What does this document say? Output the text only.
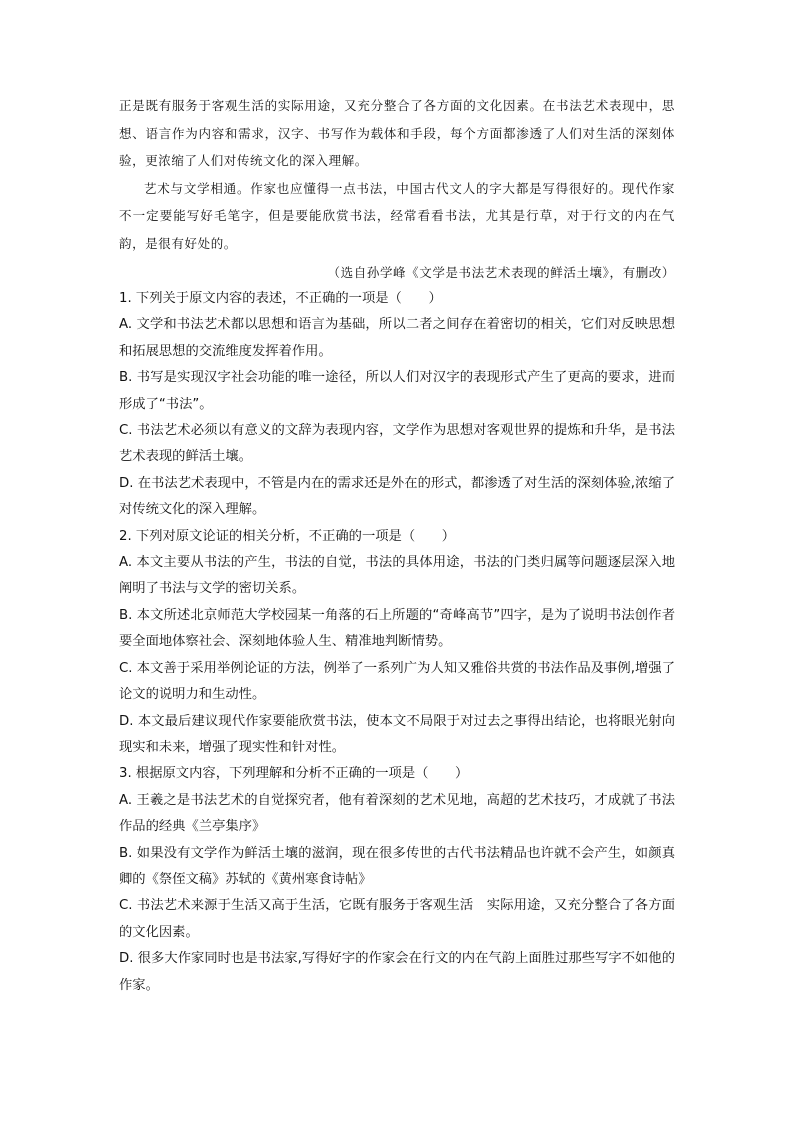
正是既有服务于客观生活的实际用途，又充分整合了各方面的文化因素。在书法艺术表现中，思想、语言作为内容和需求，汉字、书写作为载体和手段，每个方面都渗透了人们对生活的深刻体验，更浓缩了人们对传统文化的深入理解。

艺术与文学相通。作家也应懂得一点书法，中国古代文人的字大都是写得很好的。现代作家不一定要能写好毛笔字，但是要能欣赏书法，经常看看书法，尤其是行草，对于行文的内在气韵，是很有好处的。

（选自孙学峰《文学是书法艺术表现的鲜活土壤》，有删改）

1. 下列关于原文内容的表述，不正确的一项是（　　）

A. 文学和书法艺术都以思想和语言为基础，所以二者之间存在着密切的相关，它们对反映思想和拓展思想的交流维度发挥着作用。

B. 书写是实现汉字社会功能的唯一途径，所以人们对汉字的表现形式产生了更高的要求，进而形成了“书法”。

C. 书法艺术必须以有意义的文辞为表现内容，文学作为思想对客观世界的提炼和升华，是书法艺术表现的鲜活土壤。

D. 在书法艺术表现中，不管是内在的需求还是外在的形式，都渗透了对生活的深刻体验,浓缩了对传统文化的深入理解。

2. 下列对原文论证的相关分析，不正确的一项是（　　）

A. 本文主要从书法的产生，书法的自觉，书法的具体用途，书法的门类归属等问题逐层深入地阐明了书法与文学的密切关系。

B. 本文所述北京师范大学校园某一角落的石上所题的“奇峰高节”四字，是为了说明书法创作者要全面地体察社会、深刻地体验人生、精准地判断情势。

C. 本文善于采用举例论证的方法，例举了一系列广为人知又雅俗共赏的书法作品及事例,增强了论文的说明力和生动性。

D. 本文最后建议现代作家要能欣赏书法，使本文不局限于对过去之事得出结论，也将眼光射向现实和未来，增强了现实性和针对性。

3. 根据原文内容，下列理解和分析不正确的一项是（　　）

A. 王羲之是书法艺术的自觉探究者，他有着深刻的艺术见地，高超的艺术技巧，才成就了书法作品的经典《兰亭集序》

B. 如果没有文学作为鲜活土壤的滋润，现在很多传世的古代书法精品也许就不会产生，如颜真卿的《祭侄文稿》苏轼的《黄州寒食诗帖》

C. 书法艺术来源于生活又高于生活，它既有服务于客观生活　实际用途，又充分整合了各方面的文化因素。

D. 很多大作家同时也是书法家,写得好字的作家会在行文的内在气韵上面胜过那些写字不如他的作家。
